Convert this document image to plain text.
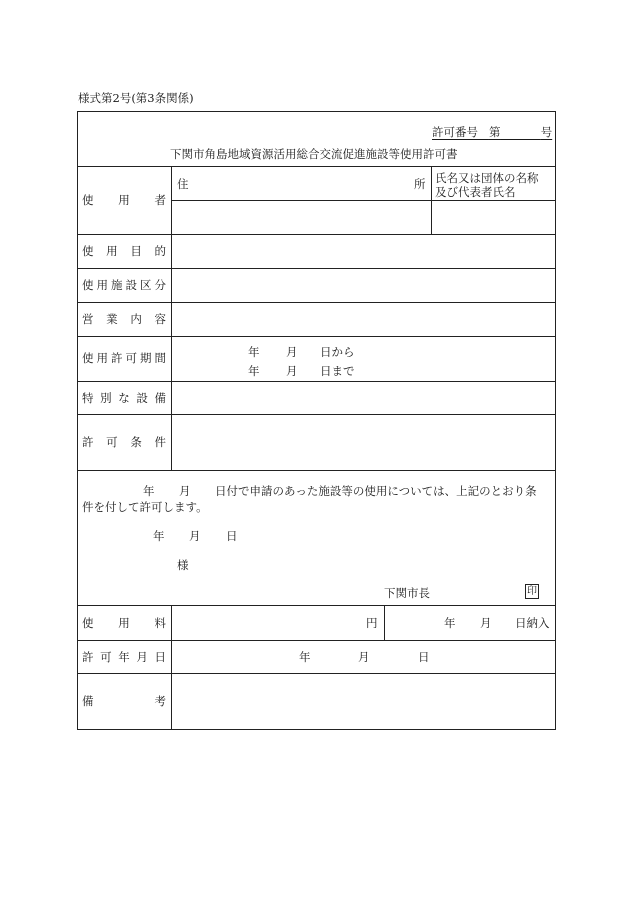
様式第2号(第3条関係)
許可番号 第	号
下関市角島地域資源活用総合交流促進施設等使用許可書
使 用 者
住	所 氏名又は団体の名称
及び代表者氏名
使 用 目 的
使 用 施 設 区 分
営 業 内 容
使 用 許 可 期 間	年 月 日から
年 月 日まで
特 別 な 設 備
許 可 条 件
年 月 日付で申請のあった施設等の使用については、上記のとおり条
件を付して許可します。
年 月 日
様
下関市長	印
使 用 料	円	年 月 日納入
許 可 年 月 日	年	月	日
備	考
